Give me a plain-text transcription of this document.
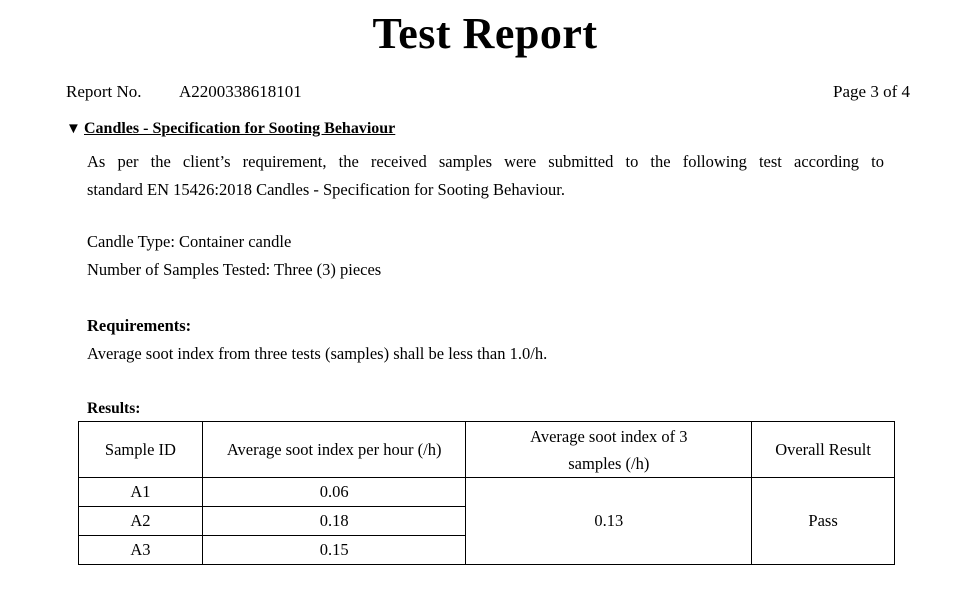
Test Report
Report No. A2200338618101	Page 3 of 4
▼ Candles - Specification for Sooting Behaviour
As per the client’s requirement, the received samples were submitted to the following test according to
standard EN 15426:2018 Candles - Specification for Sooting Behaviour.
Candle Type: Container candle
Number of Samples Tested: Three (3) pieces
Requirements:
Average soot index from three tests (samples) shall be less than 1.0/h.
Results:
Sample ID	Average soot index per hour (/h)	Average soot index of 3 samples (/h)	Overall Result
A1	0.06	0.13	Pass
A2	0.18		
A3	0.15		
